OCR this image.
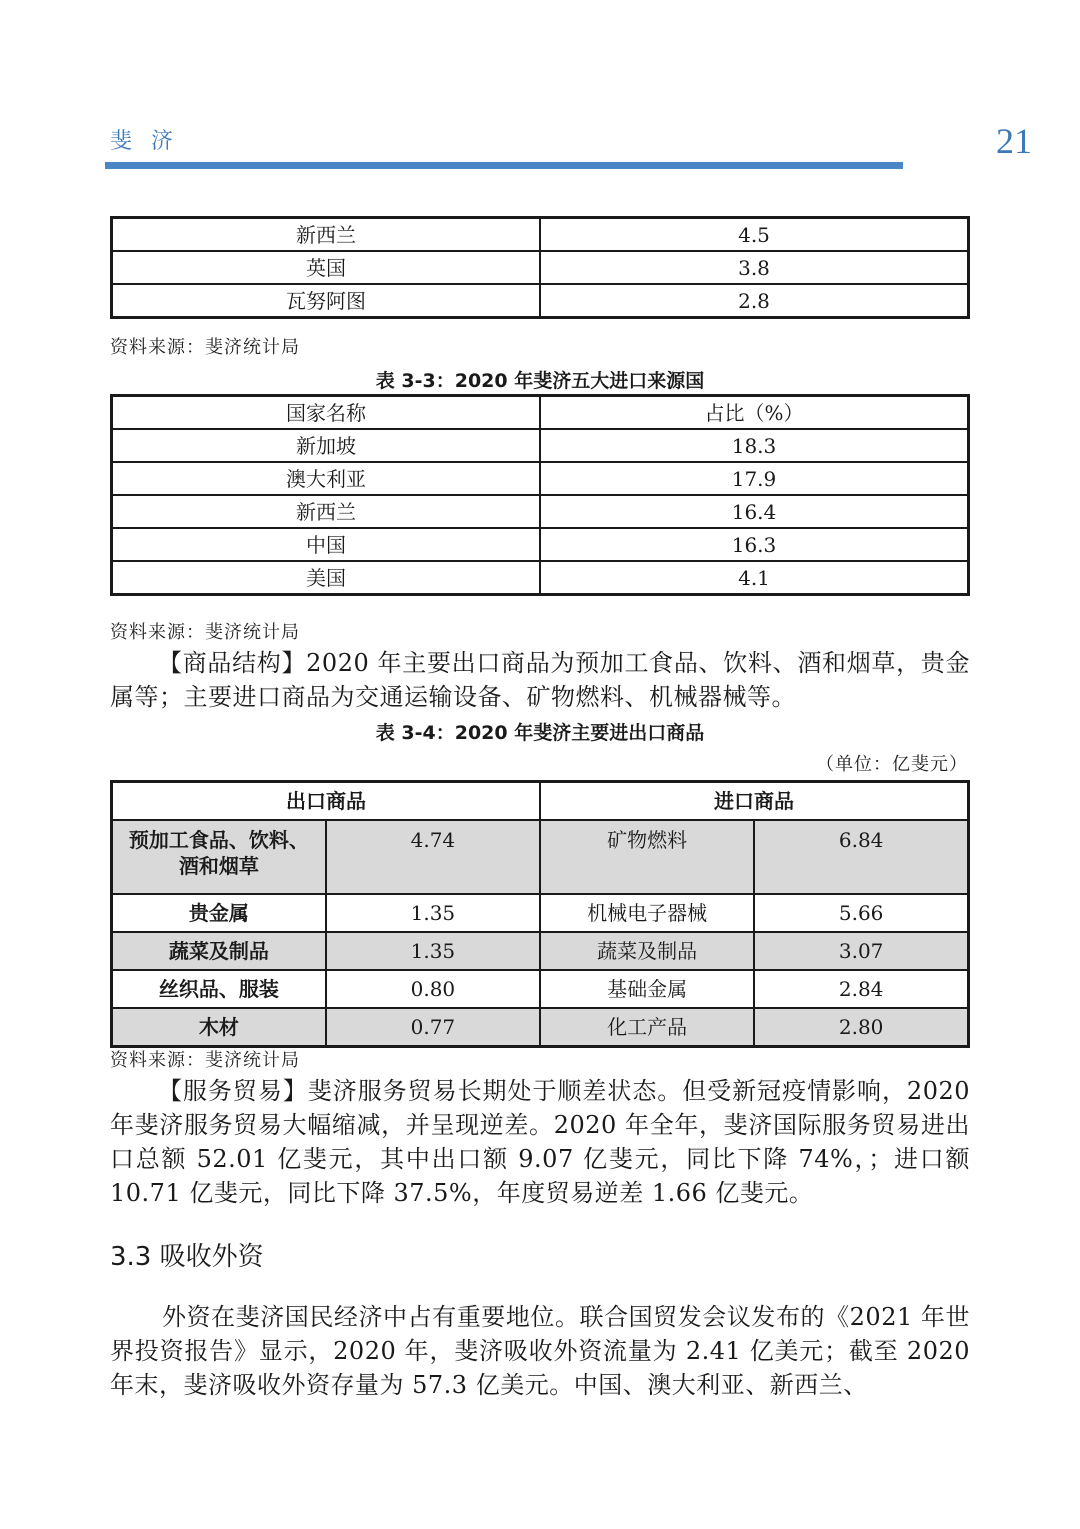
斐 济	21
新西兰	4.5
英国	3.8
瓦努阿图	2.8
资料来源：斐济统计局
表 3-3：2020 年斐济五大进口来源国
国家名称	占比（%）
新加坡	18.3
澳大利亚	17.9
新西兰	16.4
中国	16.3
美国	4.1
资料来源：斐济统计局
【商品结构】2020 年主要出口商品为预加工食品、饮料、酒和烟草，贵金属等；主要进口商品为交通运输设备、矿物燃料、机械器械等。
表 3-4：2020 年斐济主要进出口商品
（单位：亿斐元）
出口商品		进口商品	
预加工食品、饮料、酒和烟草	4.74	矿物燃料	6.84
贵金属	1.35	机械电子器械	5.66
蔬菜及制品	1.35	蔬菜及制品	3.07
丝织品、服装	0.80	基础金属	2.84
木材	0.77	化工产品	2.80
资料来源：斐济统计局
【服务贸易】斐济服务贸易长期处于顺差状态。但受新冠疫情影响，2020 年斐济服务贸易大幅缩减，并呈现逆差。2020 年全年，斐济国际服务贸易进出口总额 52.01 亿斐元，其中出口额 9.07 亿斐元，同比下降 74%，；进口额 10.71 亿斐元，同比下降 37.5%，年度贸易逆差 1.66 亿斐元。
3.3 吸收外资
外资在斐济国民经济中占有重要地位。联合国贸发会议发布的《2021 年世界投资报告》显示，2020 年，斐济吸收外资流量为 2.41 亿美元；截至 2020 年末，斐济吸收外资存量为 57.3 亿美元。中国、澳大利亚、新西兰、
